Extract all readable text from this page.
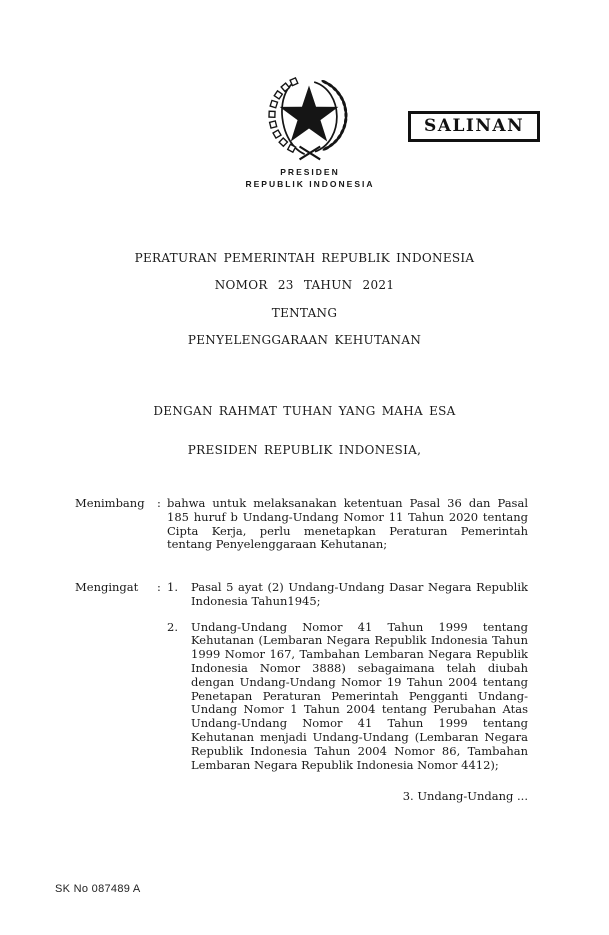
PRESIDEN
REPUBLIK INDONESIA
SALINAN
PERATURAN PEMERINTAH REPUBLIK INDONESIA
NOMOR 23 TAHUN 2021
TENTANG
PENYELENGGARAAN KEHUTANAN
DENGAN RAHMAT TUHAN YANG MAHA ESA
PRESIDEN REPUBLIK INDONESIA,
Menimbang	: bahwa untuk melaksanakan ketentuan Pasal 36 dan Pasal 185 huruf b Undang-Undang Nomor 11 Tahun 2020 tentang Cipta Kerja, perlu menetapkan Peraturan Pemerintah tentang Penyelenggaraan Kehutanan;
Mengingat	: 1.	Pasal 5 ayat (2) Undang-Undang Dasar Negara Republik Indonesia Tahun1945;
2.	Undang-Undang Nomor 41 Tahun 1999 tentang Kehutanan (Lembaran Negara Republik Indonesia Tahun 1999 Nomor 167, Tambahan Lembaran Negara Republik Indonesia Nomor 3888) sebagaimana telah diubah dengan Undang-Undang Nomor 19 Tahun 2004 tentang Penetapan Peraturan Pemerintah Pengganti Undang-Undang Nomor 1 Tahun 2004 tentang Perubahan Atas Undang-Undang Nomor 41 Tahun 1999 tentang Kehutanan menjadi Undang-Undang (Lembaran Negara Republik Indonesia Tahun 2004 Nomor 86, Tambahan Lembaran Negara Republik Indonesia Nomor 4412);
3. Undang-Undang ...
SK No 087489 A
